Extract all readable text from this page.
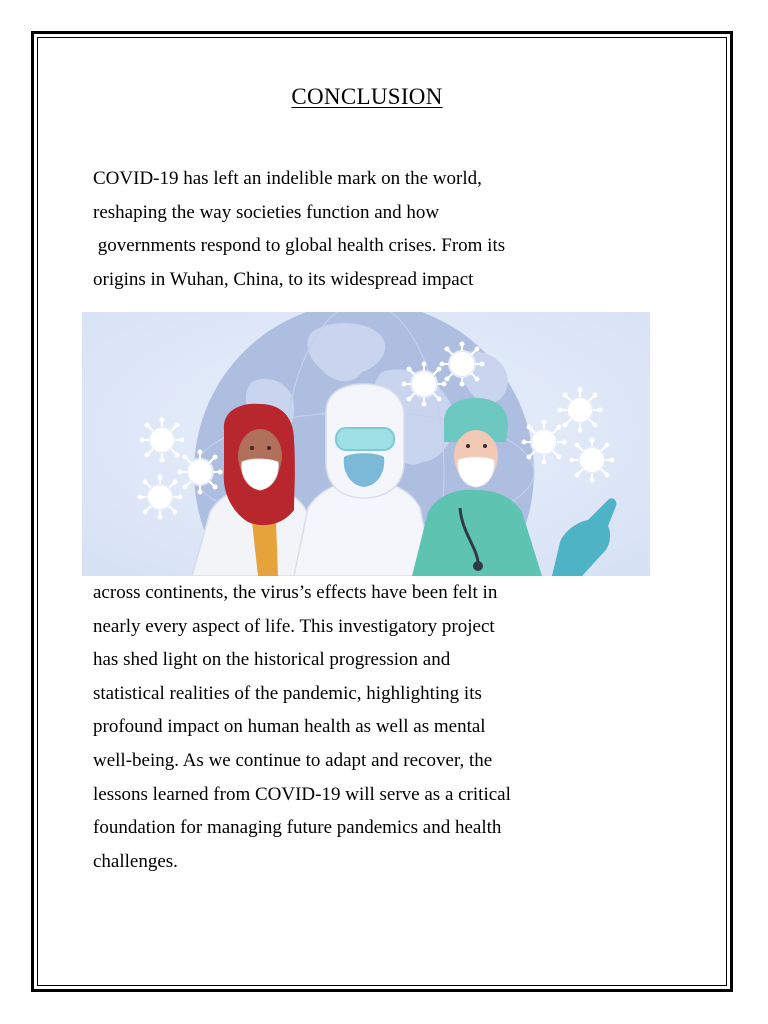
CONCLUSION
COVID-19 has left an indelible mark on the world,
reshaping the way societies function and how
governments respond to global health crises. From its
origins in Wuhan, China, to its widespread impact
across continents, the virus’s effects have been felt in
nearly every aspect of life. This investigatory project
has shed light on the historical progression and
statistical realities of the pandemic, highlighting its
profound impact on human health as well as mental
well-being. As we continue to adapt and recover, the
lessons learned from COVID-19 will serve as a critical
foundation for managing future pandemics and health
challenges.
